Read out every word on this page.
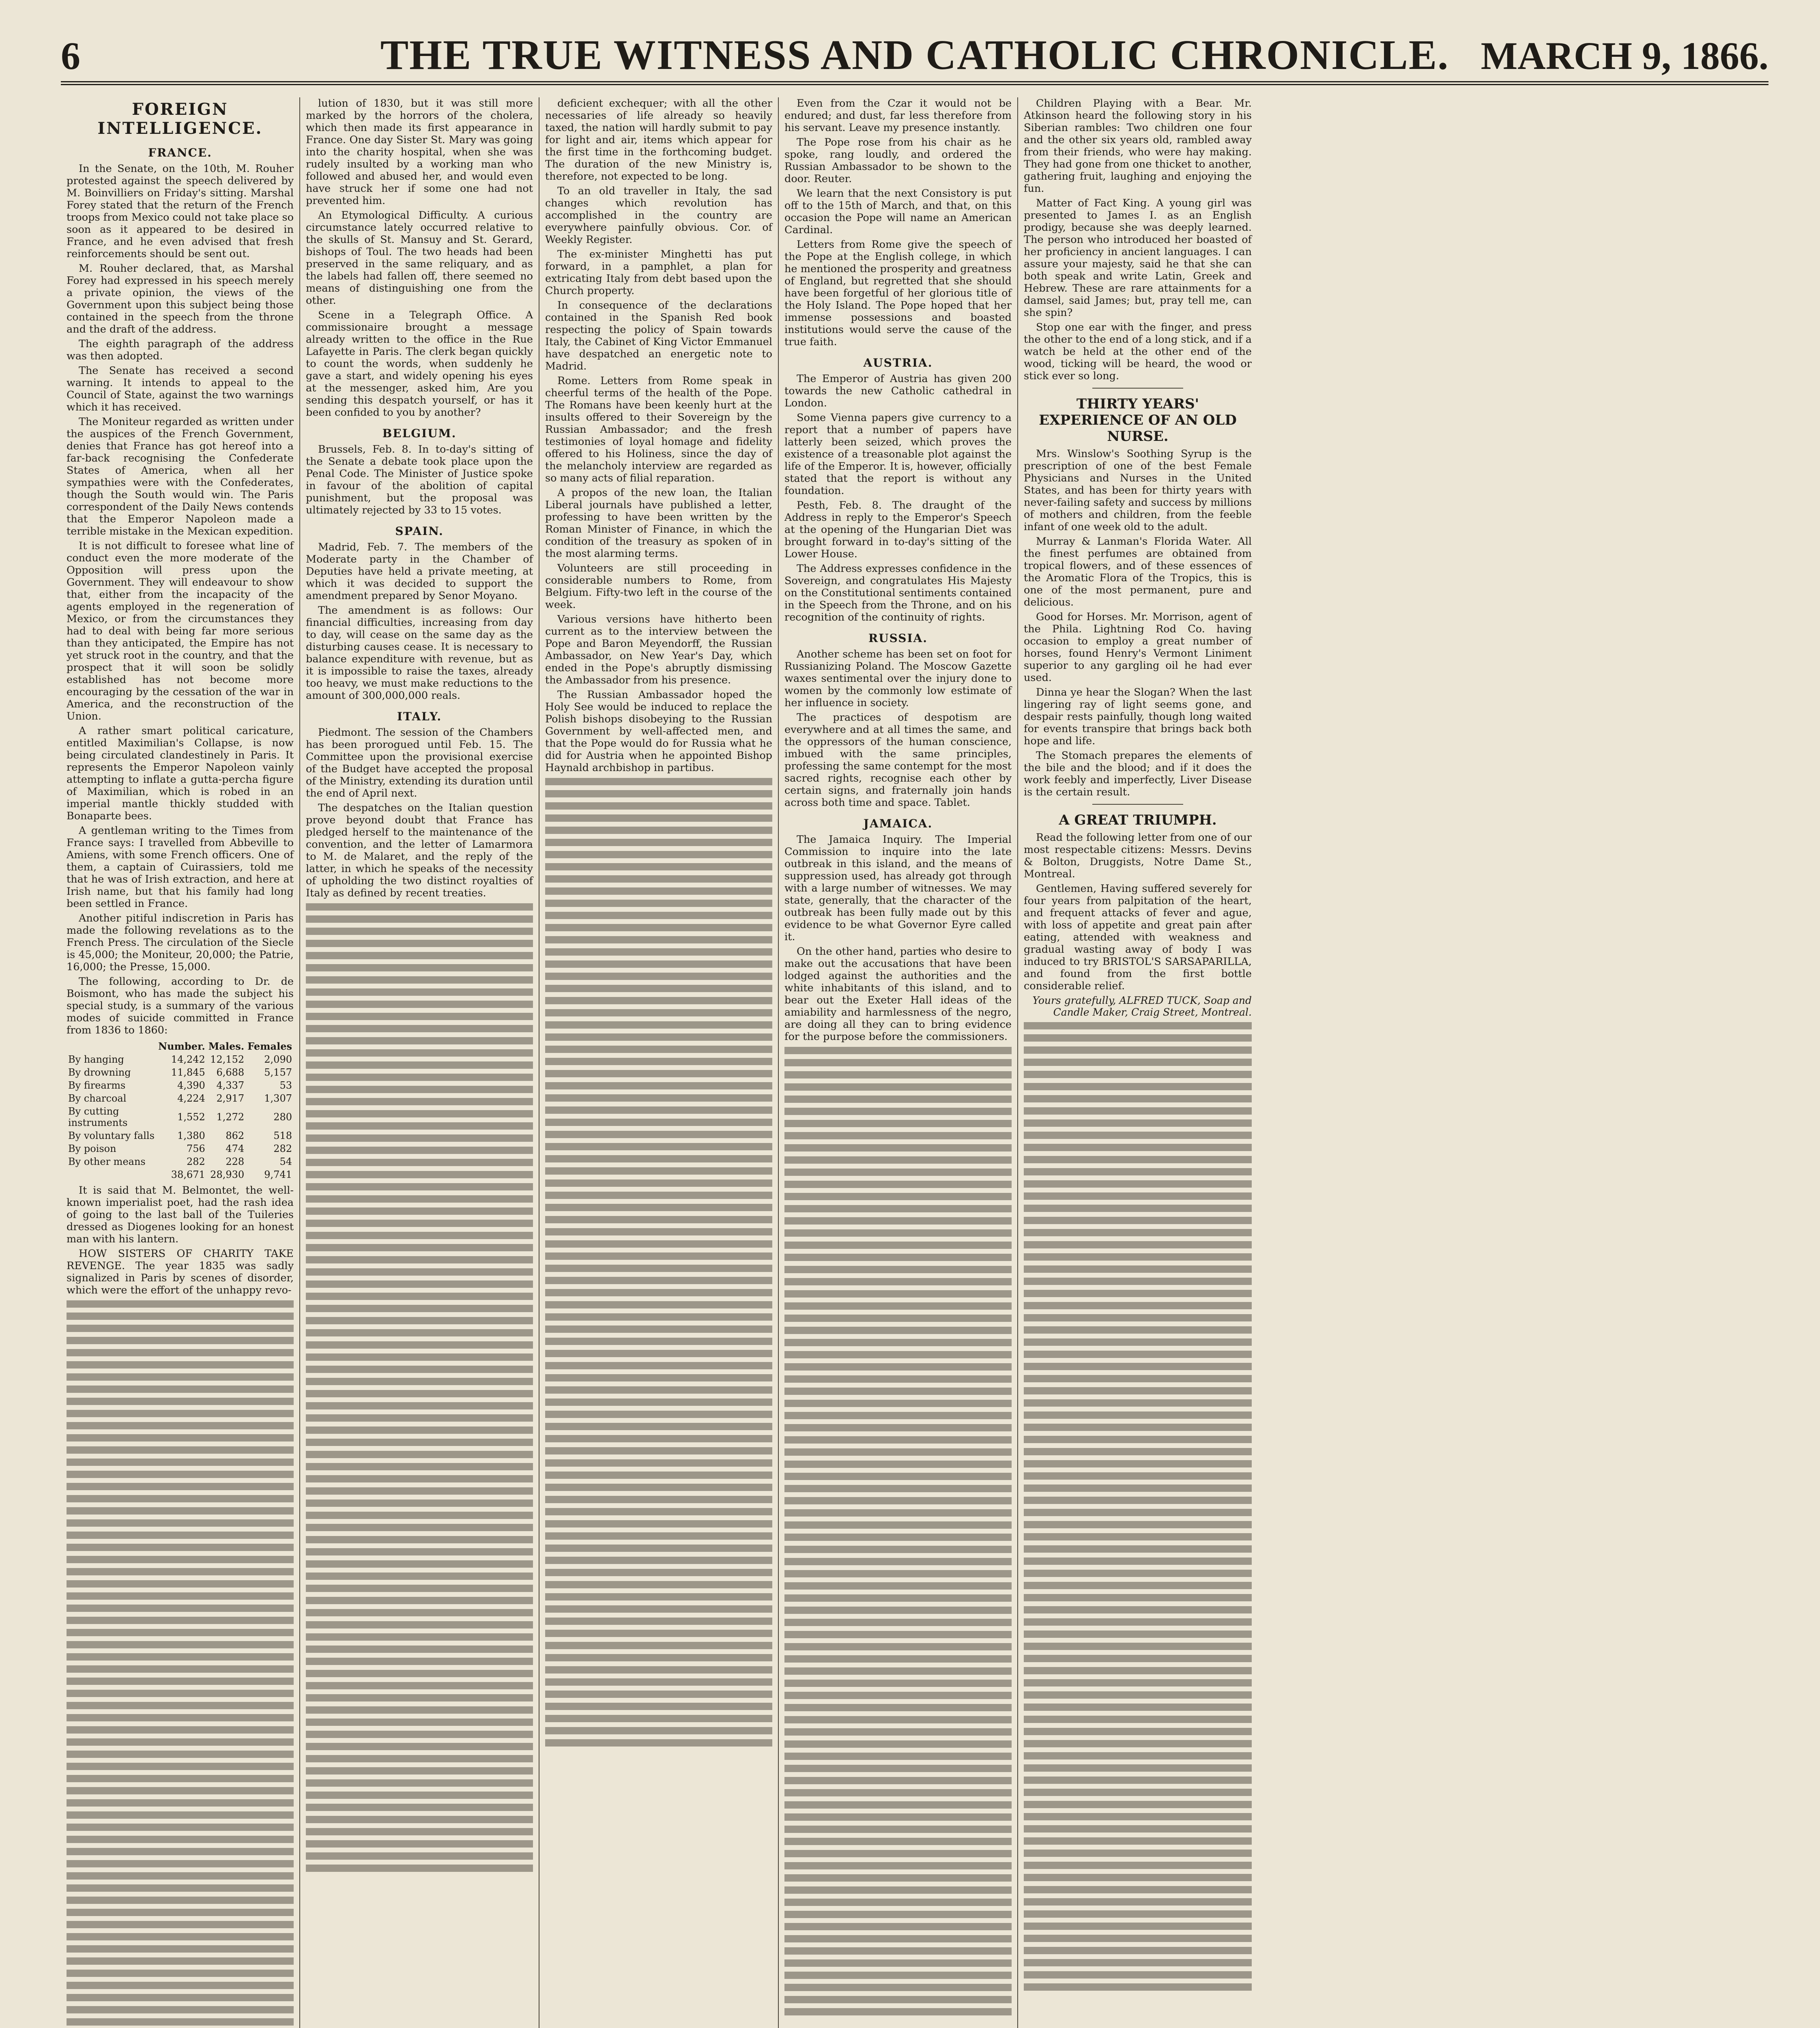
6	THE TRUE WITNESS AND CATHOLIC CHRONICLE. MARCH 9, 1866.
FOREIGN INTELLIGENCE.
FRANCE.

In the Senate, on the 10th, M. Rouher protested against the speech delivered by M. Boinvilliers on Friday's sitting. Marshal Forey stated that the return of the French troops from Mexico could not take place so soon as it appeared to be desired in France, and he even advised that fresh reinforcements should be sent out.

M. Rouher declared, that, as Marshal Forey had expressed in his speech merely a private opinion, the views of the Government upon this subject being those contained in the speech from the throne and the draft of the address.

The eighth paragraph of the address was then adopted.

The Senate has received a second warning. It intends to appeal to the Council of State, against the two warnings which it has received.

The Moniteur regarded as written under the auspices of the French Government, denies that France has got hereof into a far-back recognising the Confederate States of America, when all her sympathies were with the Confederates, though the South would win. The Paris correspondent of the Daily News contends that the Emperor Napoleon made a terrible mistake in the Mexican expedition.

It is not difficult to foresee what line of conduct even the more moderate of the Opposition will press upon the Government. They will endeavour to show that, either from the incapacity of the agents employed in the regeneration of Mexico, or from the circumstances they had to deal with being far more serious than they anticipated, the Empire has not yet struck root in the country, and that the prospect that it will soon be solidly established has not become more encouraging by the cessation of the war in America, and the reconstruction of the Union.

A rather smart political caricature, entitled Maximilian's Collapse, is now being circulated clandestinely in Paris. It represents the Emperor Napoleon vainly attempting to inflate a gutta-percha figure of Maximilian, which is robed in an imperial mantle thickly studded with Bonaparte bees.

A gentleman writing to the Times from France says: I travelled from Abbeville to Amiens, with some French officers. One of them, a captain of Cuirassiers, told me that he was of Irish extraction, and here at Irish name, but that his family had long been settled in France.

Another pitiful indiscretion in Paris has made the following revelations as to the French Press. The circulation of the Siecle is 45,000; the Moniteur, 20,000; the Patrie, 16,000; the Presse, 15,000.

The following, according to Dr. de Boismont, who has made the subject his special study, is a summary of the various modes of suicide committed in France from 1836 to 1860:

	Number.	Males.	Females
By hanging	14,242	12,152	2,090
By drowning	11,845	6,688	5,157
By firearms	4,390	4,337	53
By charcoal	4,224	2,917	1,307
By cutting instruments	1,552	1,272	280
By voluntary falls	1,380	862	518
By poison	756	474	282
By other means	282	228	54
	38,671	28,930	9,741

It is said that M. Belmontet, the well-known imperialist poet, had the rash idea of going to the last ball of the Tuileries dressed as Diogenes looking for an honest man with his lantern.

HOW SISTERS OF CHARITY TAKE REVENGE. The year 1835 was sadly signalized in Paris by scenes of disorder, which were the effort of the unhappy revo-

lution of 1830, but it was still more marked by the horrors of the cholera, which then made its first appearance in France. One day Sister St. Mary was going into the charity hospital, when she was rudely insulted by a working man who followed and abused her, and would even have struck her if some one had not prevented him.

An Etymological Difficulty. A curious circumstance lately occurred relative to the skulls of St. Mansuy and St. Gerard, bishops of Toul. The two heads had been preserved in the same reliquary, and as the labels had fallen off, there seemed no means of distinguishing one from the other.

Scene in a Telegraph Office. A commissionaire brought a message already written to the office in the Rue Lafayette in Paris. The clerk began quickly to count the words, when suddenly he gave a start, and widely opening his eyes at the messenger, asked him, Are you sending this despatch yourself, or has it been confided to you by another?

BELGIUM.

Brussels, Feb. 8. In to-day's sitting of the Senate a debate took place upon the Penal Code. The Minister of Justice spoke in favour of the abolition of capital punishment, but the proposal was ultimately rejected by 33 to 15 votes.

SPAIN.

Madrid, Feb. 7. The members of the Moderate party in the Chamber of Deputies have held a private meeting, at which it was decided to support the amendment prepared by Senor Moyano.

The amendment is as follows: Our financial difficulties, increasing from day to day, will cease on the same day as the disturbing causes cease. It is necessary to balance expenditure with revenue, but as it is impossible to raise the taxes, already too heavy, we must make reductions to the amount of 300,000,000 reals.

ITALY.

Piedmont. The session of the Chambers has been prorogued until Feb. 15. The Committee upon the provisional exercise of the Budget have accepted the proposal of the Ministry, extending its duration until the end of April next.

The despatches on the Italian question prove beyond doubt that France has pledged herself to the maintenance of the convention, and the letter of Lamarmora to M. de Malaret, and the reply of the latter, in which he speaks of the necessity of upholding the two distinct royalties of Italy as defined by recent treaties.

deficient exchequer; with all the other necessaries of life already so heavily taxed, the nation will hardly submit to pay for light and air, items which appear for the first time in the forthcoming budget. The duration of the new Ministry is, therefore, not expected to be long.

To an old traveller in Italy, the sad changes which revolution has accomplished in the country are everywhere painfully obvious. Cor. of Weekly Register.

The ex-minister Minghetti has put forward, in a pamphlet, a plan for extricating Italy from debt based upon the Church property.

In consequence of the declarations contained in the Spanish Red book respecting the policy of Spain towards Italy, the Cabinet of King Victor Emmanuel have despatched an energetic note to Madrid.

Rome. Letters from Rome speak in cheerful terms of the health of the Pope. The Romans have been keenly hurt at the insults offered to their Sovereign by the Russian Ambassador; and the fresh testimonies of loyal homage and fidelity offered to his Holiness, since the day of the melancholy interview are regarded as so many acts of filial reparation.

A propos of the new loan, the Italian Liberal journals have published a letter, professing to have been written by the Roman Minister of Finance, in which the condition of the treasury as spoken of in the most alarming terms.

Volunteers are still proceeding in considerable numbers to Rome, from Belgium. Fifty-two left in the course of the week.

Various versions have hitherto been current as to the interview between the Pope and Baron Meyendorff, the Russian Ambassador, on New Year's Day, which ended in the Pope's abruptly dismissing the Ambassador from his presence.

The Russian Ambassador hoped the Holy See would be induced to replace the Polish bishops disobeying to the Russian Government by well-affected men, and that the Pope would do for Russia what he did for Austria when he appointed Bishop Haynald archbishop in partibus.

Even from the Czar it would not be endured; and dust, far less therefore from his servant. Leave my presence instantly.

The Pope rose from his chair as he spoke, rang loudly, and ordered the Russian Ambassador to be shown to the door. Reuter.

We learn that the next Consistory is put off to the 15th of March, and that, on this occasion the Pope will name an American Cardinal.

Letters from Rome give the speech of the Pope at the English college, in which he mentioned the prosperity and greatness of England, but regretted that she should have been forgetful of her glorious title of the Holy Island. The Pope hoped that her immense possessions and boasted institutions would serve the cause of the true faith.

AUSTRIA.

The Emperor of Austria has given 200 towards the new Catholic cathedral in London.

Some Vienna papers give currency to a report that a number of papers have latterly been seized, which proves the existence of a treasonable plot against the life of the Emperor. It is, however, officially stated that the report is without any foundation.

Pesth, Feb. 8. The draught of the Address in reply to the Emperor's Speech at the opening of the Hungarian Diet was brought forward in to-day's sitting of the Lower House.

The Address expresses confidence in the Sovereign, and congratulates His Majesty on the Constitutional sentiments contained in the Speech from the Throne, and on his recognition of the continuity of rights.

RUSSIA.

Another scheme has been set on foot for Russianizing Poland. The Moscow Gazette waxes sentimental over the injury done to women by the commonly low estimate of her influence in society.

The practices of despotism are everywhere and at all times the same, and the oppressors of the human conscience, imbued with the same principles, professing the same contempt for the most sacred rights, recognise each other by certain signs, and fraternally join hands across both time and space. Tablet.

JAMAICA.

The Jamaica Inquiry. The Imperial Commission to inquire into the late outbreak in this island, and the means of suppression used, has already got through with a large number of witnesses. We may state, generally, that the character of the outbreak has been fully made out by this evidence to be what Governor Eyre called it.

On the other hand, parties who desire to make out the accusations that have been lodged against the authorities and the white inhabitants of this island, and to bear out the Exeter Hall ideas of the amiability and harmlessness of the negro, are doing all they can to bring evidence for the purpose before the commissioners.

Children Playing with a Bear. Mr. Atkinson heard the following story in his Siberian rambles: Two children one four and the other six years old, rambled away from their friends, who were hay making. They had gone from one thicket to another, gathering fruit, laughing and enjoying the fun.

Matter of Fact King. A young girl was presented to James I. as an English prodigy, because she was deeply learned. The person who introduced her boasted of her proficiency in ancient languages. I can assure your majesty, said he that she can both speak and write Latin, Greek and Hebrew. These are rare attainments for a damsel, said James; but, pray tell me, can she spin?

Stop one ear with the finger, and press the other to the end of a long stick, and if a watch be held at the other end of the wood, ticking will be heard, the wood or stick ever so long.

THIRTY YEARS' EXPERIENCE OF AN OLD NURSE.

Mrs. Winslow's Soothing Syrup is the prescription of one of the best Female Physicians and Nurses in the United States, and has been for thirty years with never-failing safety and success by millions of mothers and children, from the feeble infant of one week old to the adult.

Murray & Lanman's Florida Water. All the finest perfumes are obtained from tropical flowers, and of these essences of the Aromatic Flora of the Tropics, this is one of the most permanent, pure and delicious.

Good for Horses. Mr. Morrison, agent of the Phila. Lightning Rod Co. having occasion to employ a great number of horses, found Henry's Vermont Liniment superior to any gargling oil he had ever used.

Dinna ye hear the Slogan? When the last lingering ray of light seems gone, and despair rests painfully, though long waited for events transpire that brings back both hope and life.

The Stomach prepares the elements of the bile and the blood; and if it does the work feebly and imperfectly, Liver Disease is the certain result.

A GREAT TRIUMPH.

Read the following letter from one of our most respectable citizens: Messrs. Devins & Bolton, Druggists, Notre Dame St., Montreal.

Gentlemen, Having suffered severely for four years from palpitation of the heart, and frequent attacks of fever and ague, with loss of appetite and great pain after eating, attended with weakness and gradual wasting away of body I was induced to try BRISTOL'S SARSAPARILLA, and found from the first bottle considerable relief.

Yours gratefully, ALFRED TUCK, Soap and Candle Maker, Craig Street, Montreal.
